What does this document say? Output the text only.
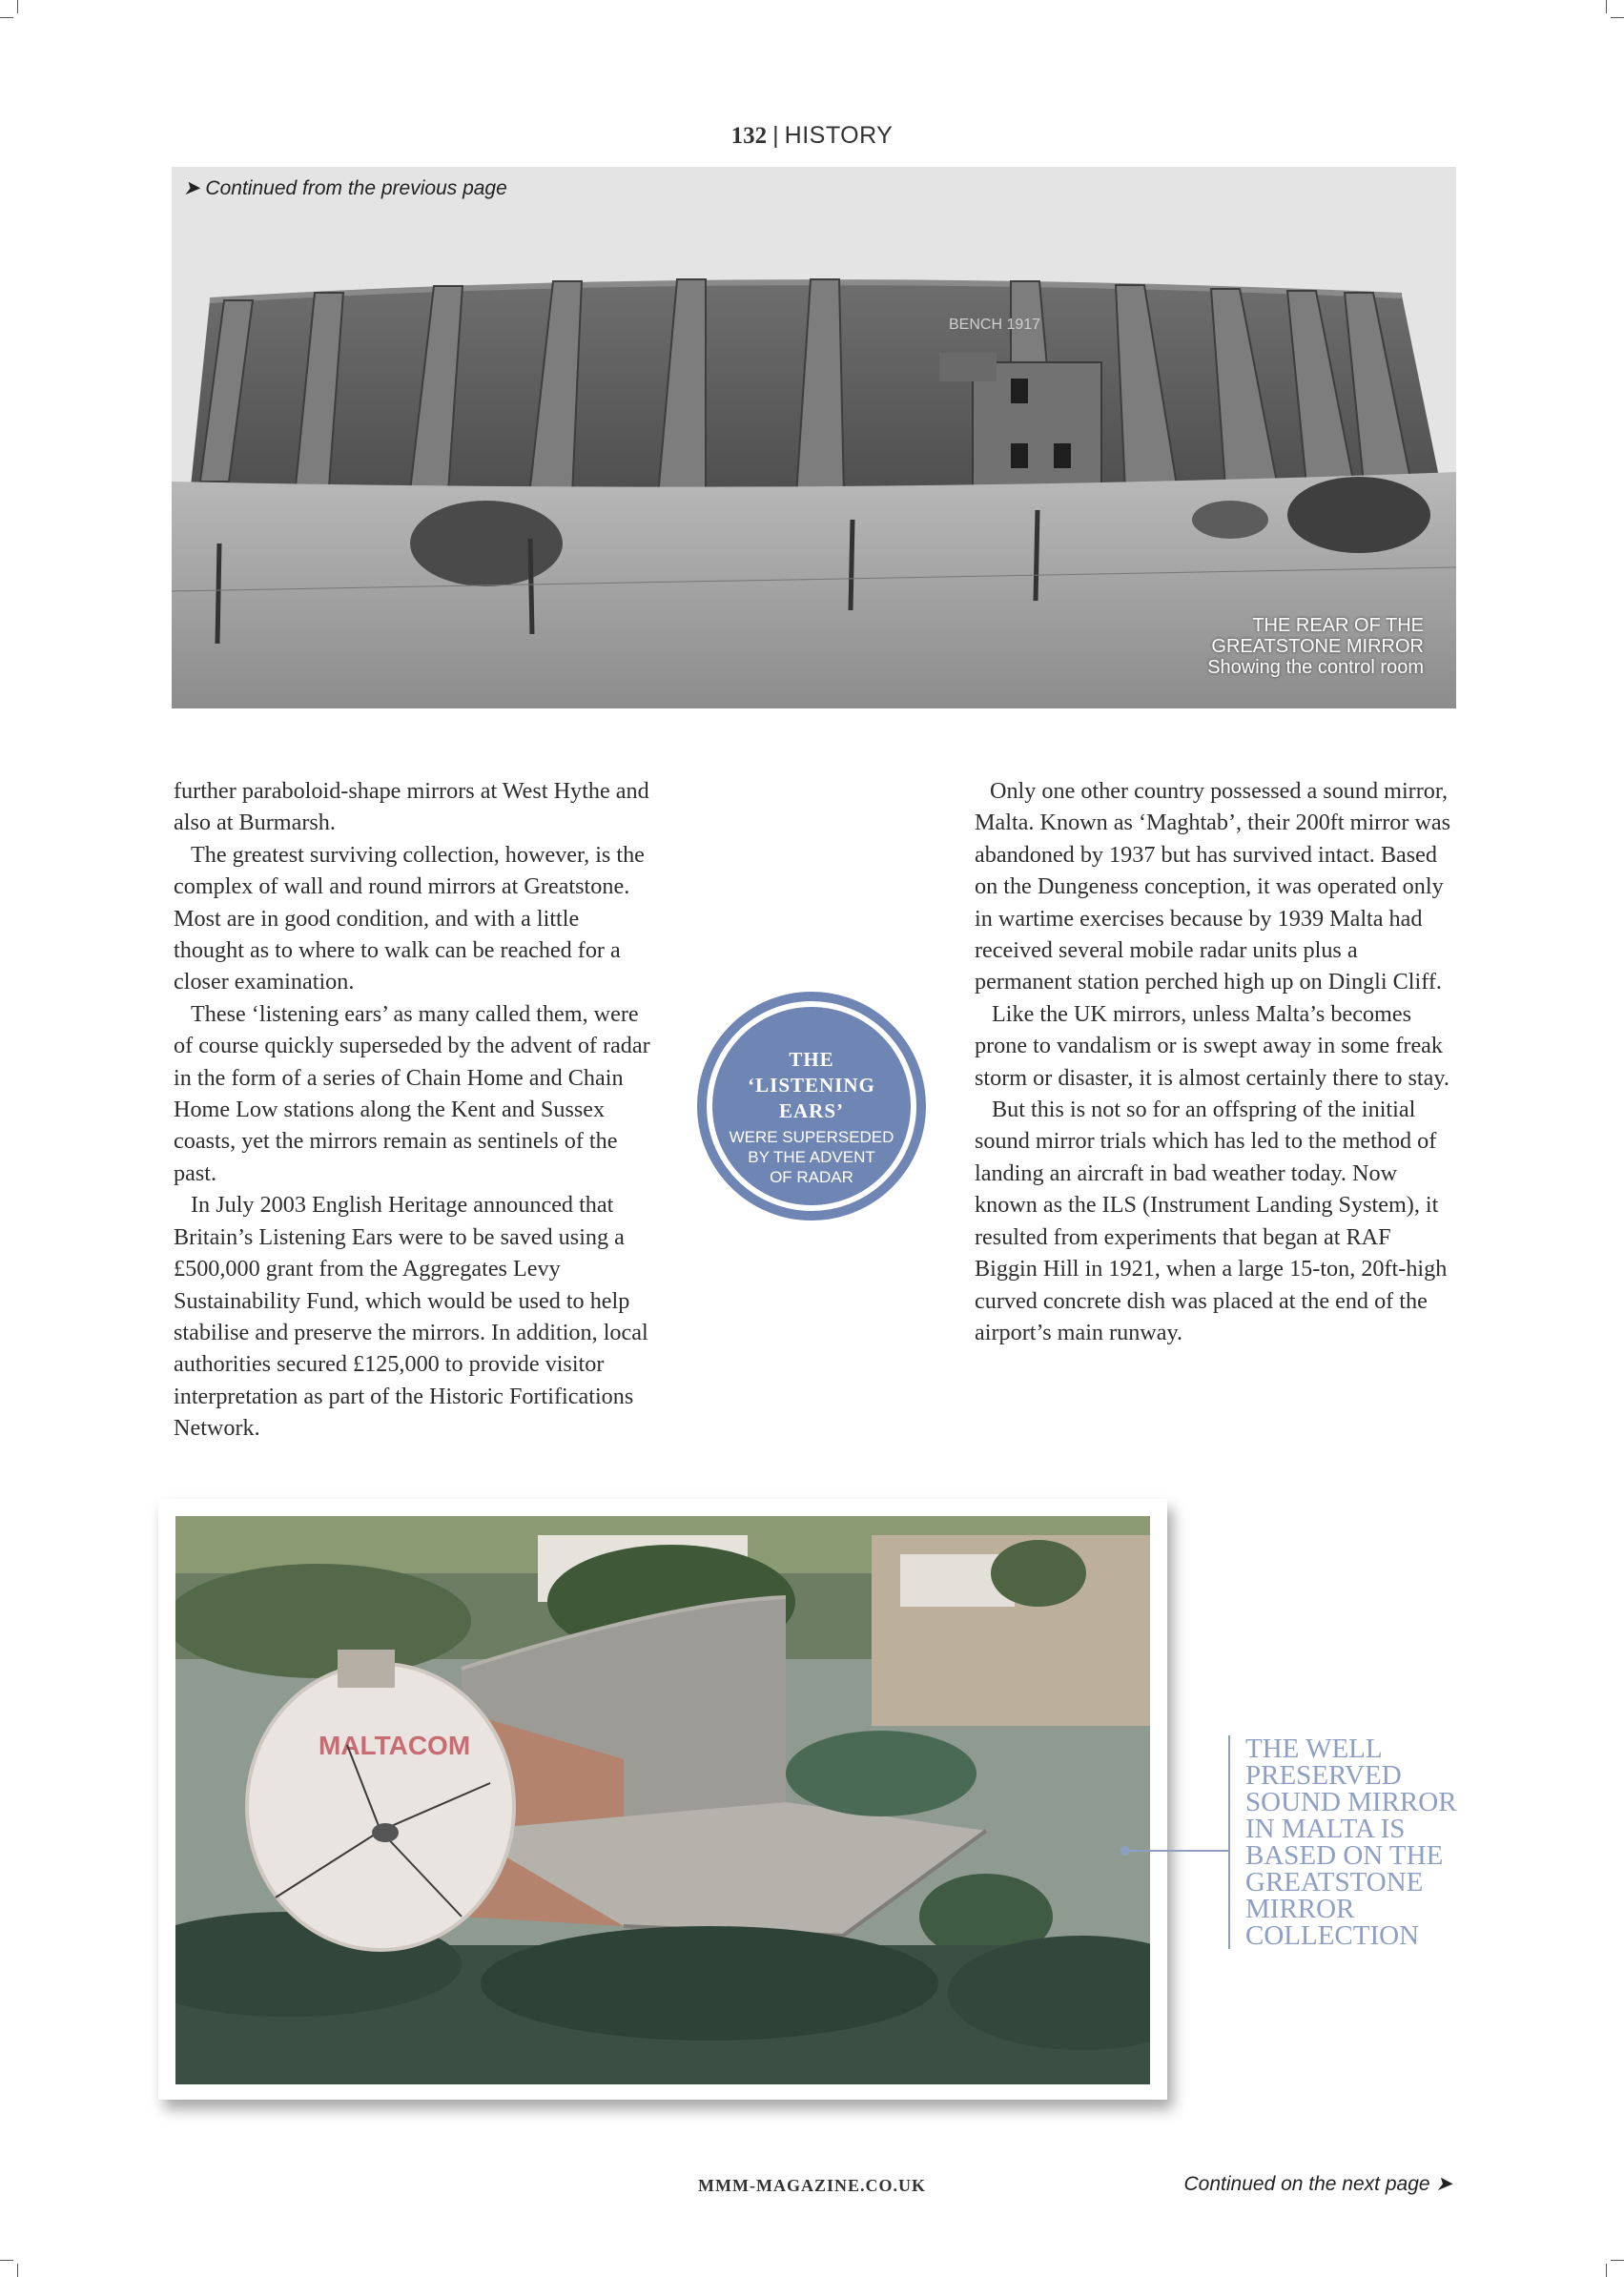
132 | HISTORY
BENCH 1917
➤ Continued from the previous page
THE REAR OF THE
GREATSTONE MIRROR
Showing the control room

further paraboloid-shape mirrors at West Hythe and also at Burmarsh.

The greatest surviving collection, however, is the complex of wall and round mirrors at Greatstone. Most are in good condition, and with a little thought as to where to walk can be reached for a closer examination.

These ‘listening ears’ as many called them, were of course quickly superseded by the advent of radar in the form of a series of Chain Home and Chain Home Low stations along the Kent and Sussex coasts, yet the mirrors remain as sentinels of the past.

In July 2003 English Heritage announced that Britain’s Listening Ears were to be saved using a £500,000 grant from the Aggregates Levy Sustainability Fund, which would be used to help stabilise and preserve the mirrors. In addition, local authorities secured £125,000 to provide visitor interpretation as part of the Historic Fortifications Network.

THE
‘LISTENING
EARS’
WERE SUPERSEDED
BY THE ADVENT
OF RADAR

Only one other country possessed a sound mirror, Malta. Known as ‘Maghtab’, their 200ft mirror was abandoned by 1937 but has survived intact. Based on the Dungeness conception, it was operated only in wartime exercises because by 1939 Malta had received several mobile radar units plus a permanent station perched high up on Dingli Cliff.

Like the UK mirrors, unless Malta’s becomes prone to vandalism or is swept away in some freak storm or disaster, it is almost certainly there to stay.

But this is not so for an offspring of the initial sound mirror trials which has led to the method of landing an aircraft in bad weather today. Now known as the ILS (Instrument Landing System), it resulted from experiments that began at RAF Biggin Hill in 1921, when a large 15-ton, 20ft-high curved concrete dish was placed at the end of the airport’s main runway.

MALTACOM	THE WELL PRESERVED SOUND MIRROR IN MALTA IS BASED ON THE GREATSTONE MIRROR COLLECTION
MMM-MAGAZINE.CO.UK	Continued on the next page ➤
